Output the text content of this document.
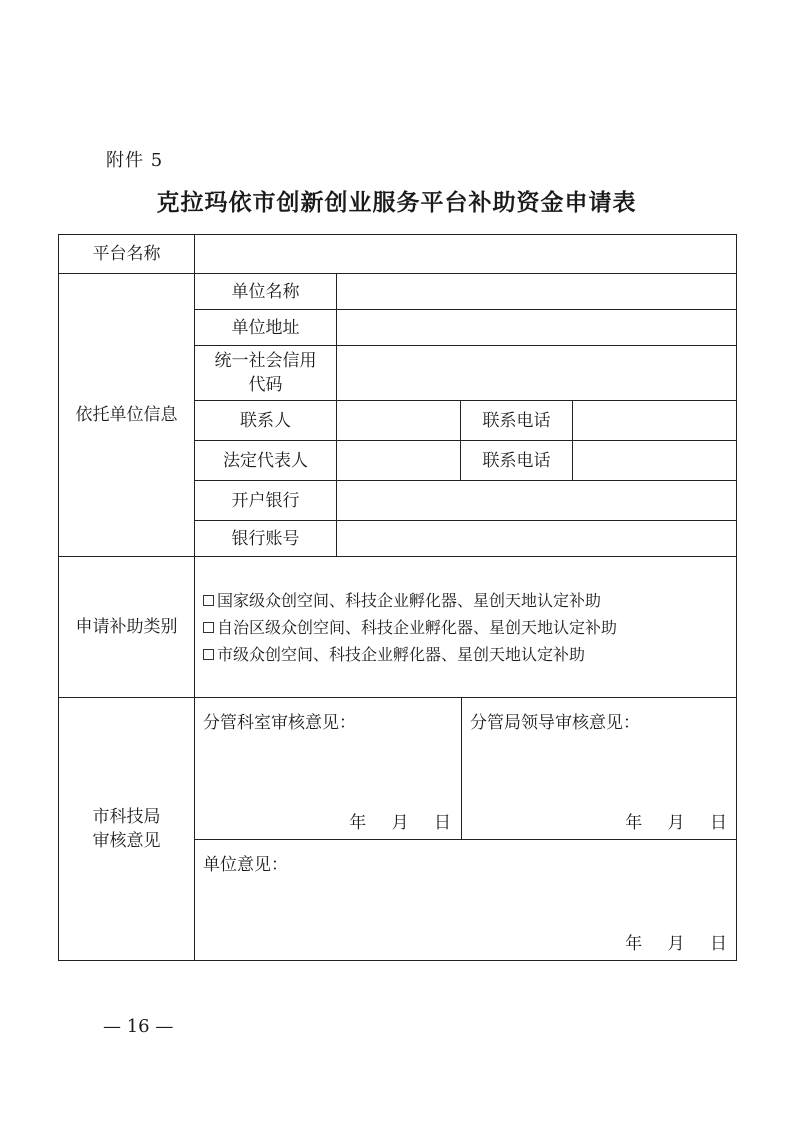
附件 5
克拉玛依市创新创业服务平台补助资金申请表
平台名称
依托单位信息
单位名称
单位地址
统一社会信用
代码
联系人	联系电话
法定代表人	联系电话
开户银行
银行账号
申请补助类别
国家级众创空间、科技企业孵化器、星创天地认定补助
自治区级众创空间、科技企业孵化器、星创天地认定补助
市级众创空间、科技企业孵化器、星创天地认定补助
市科技局
审核意见
分管科室审核意见：
年 月 日
分管局领导审核意见：
年 月 日
单位意见：
年 月 日
— 16 —
